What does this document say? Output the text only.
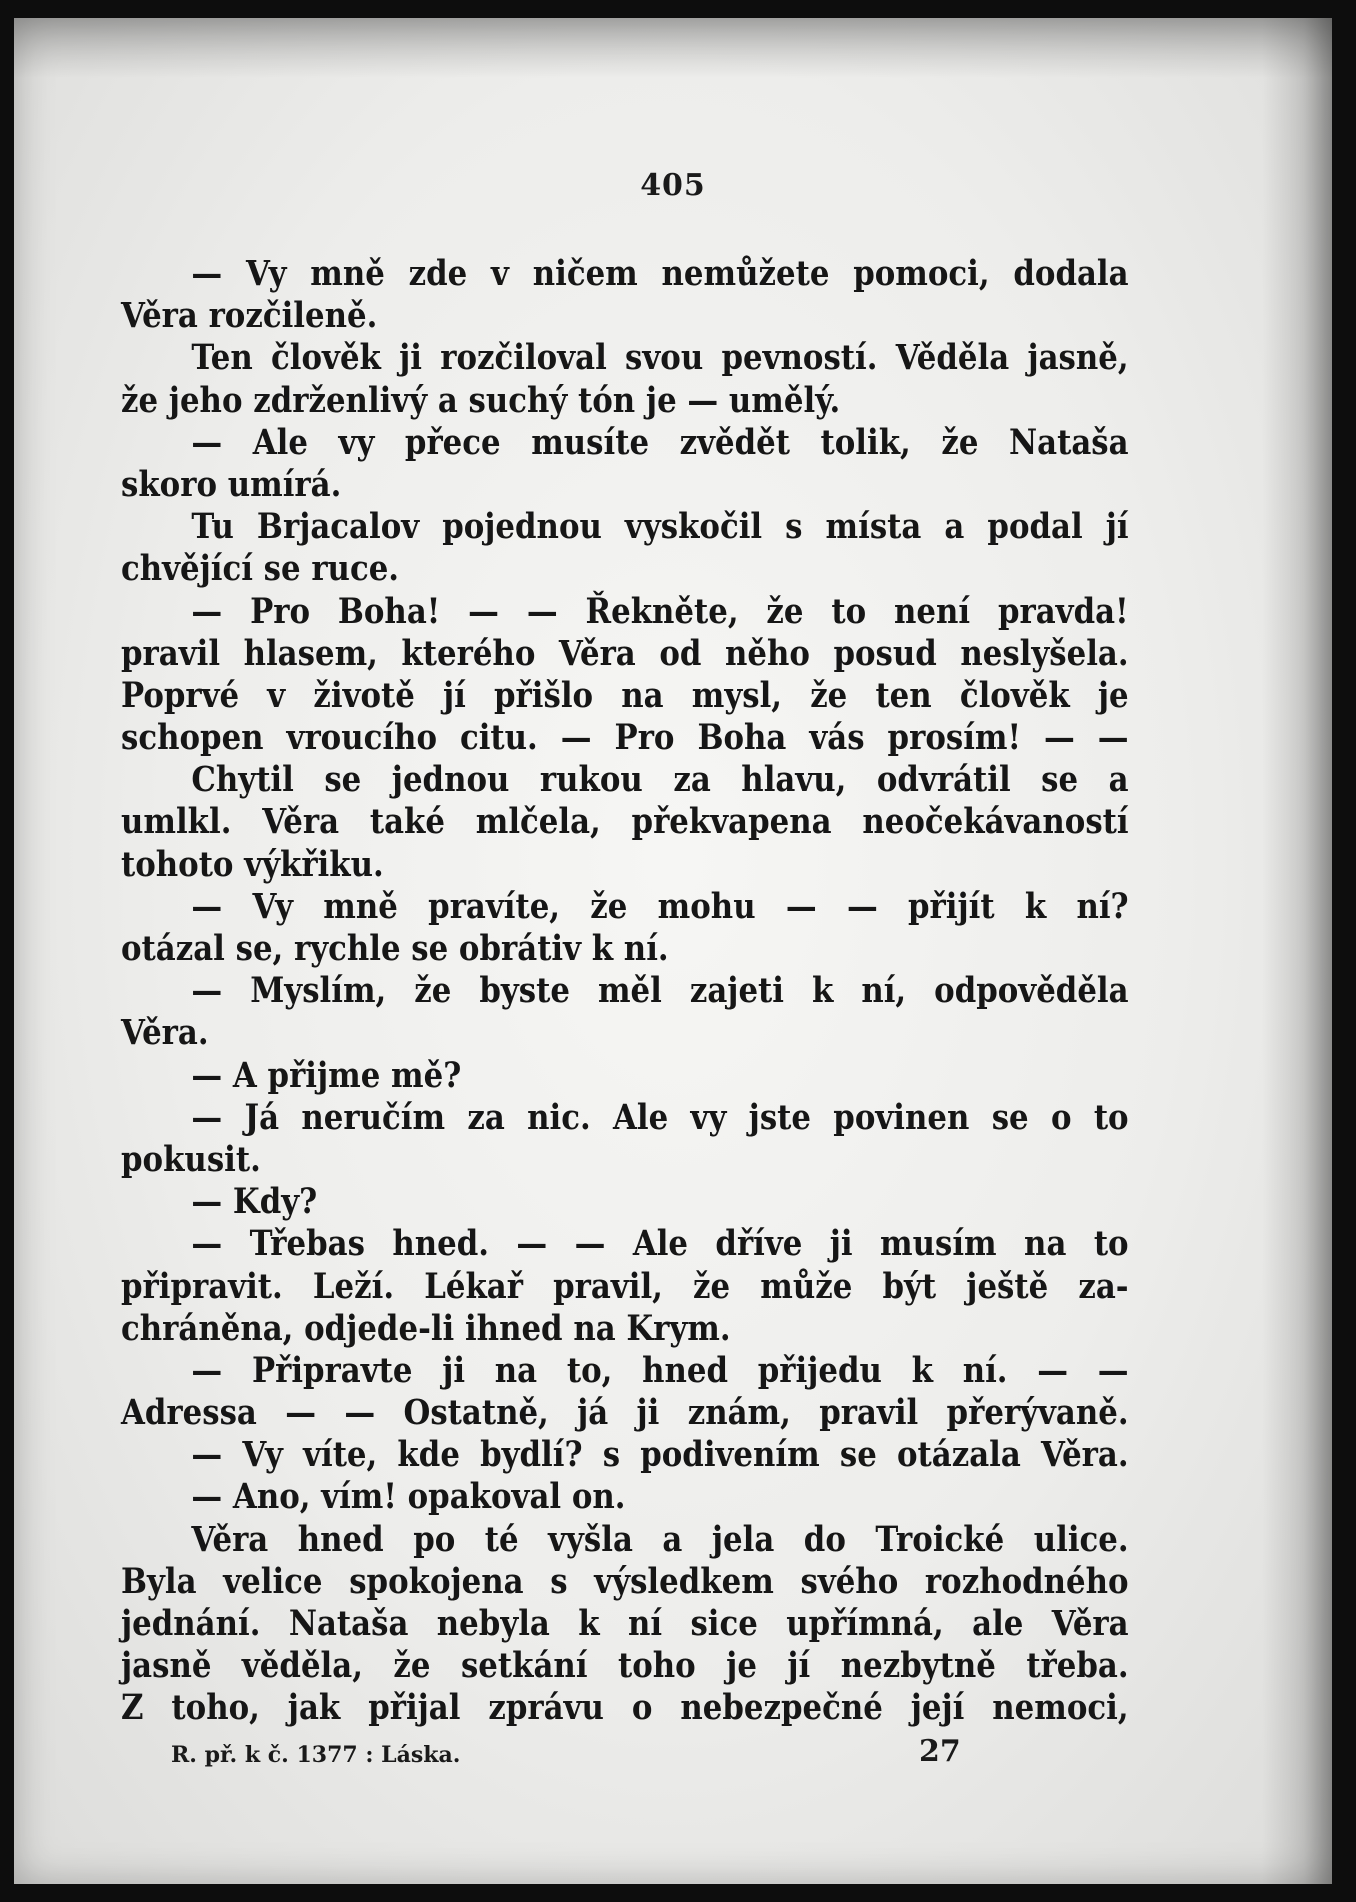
405
— Vy mně zde v ničem nemůžete pomoci, dodala
Věra rozčileně.
Ten člověk ji rozčiloval svou pevností. Věděla jasně,
že jeho zdrženlivý a suchý tón je — umělý.
— Ale vy přece musíte zvědět tolik, že Nataša
skoro umírá.
Tu Brjacalov pojednou vyskočil s místa a podal jí
chvějící se ruce.
— Pro Boha! — — Řekněte, že to není pravda!
pravil hlasem, kterého Věra od něho posud neslyšela.
Poprvé v životě jí přišlo na mysl, že ten člověk je
schopen vroucího citu. — Pro Boha vás prosím! — —
Chytil se jednou rukou za hlavu, odvrátil se a
umlkl. Věra také mlčela, překvapena neočekávaností
tohoto výkřiku.
— Vy mně pravíte, že mohu — — přijít k ní?
otázal se, rychle se obrátiv k ní.
— Myslím, že byste měl zajeti k ní, odpověděla
Věra.
— A přijme mě?
— Já neručím za nic. Ale vy jste povinen se o to
pokusit.
— Kdy?
— Třebas hned. — — Ale dříve ji musím na to
připravit. Leží. Lékař pravil, že může být ještě za-
chráněna, odjede-li ihned na Krym.
— Připravte ji na to, hned přijedu k ní. — —
Adressa — — Ostatně, já ji znám, pravil přerývaně.
— Vy víte, kde bydlí? s podivením se otázala Věra.
— Ano, vím! opakoval on.
Věra hned po té vyšla a jela do Troické ulice.
Byla velice spokojena s výsledkem svého rozhodného
jednání. Nataša nebyla k ní sice upřímná, ale Věra
jasně věděla, že setkání toho je jí nezbytně třeba.
Z toho, jak přijal zprávu o nebezpečné její nemoci,
R. př. k č. 1377 : Láska.	27
